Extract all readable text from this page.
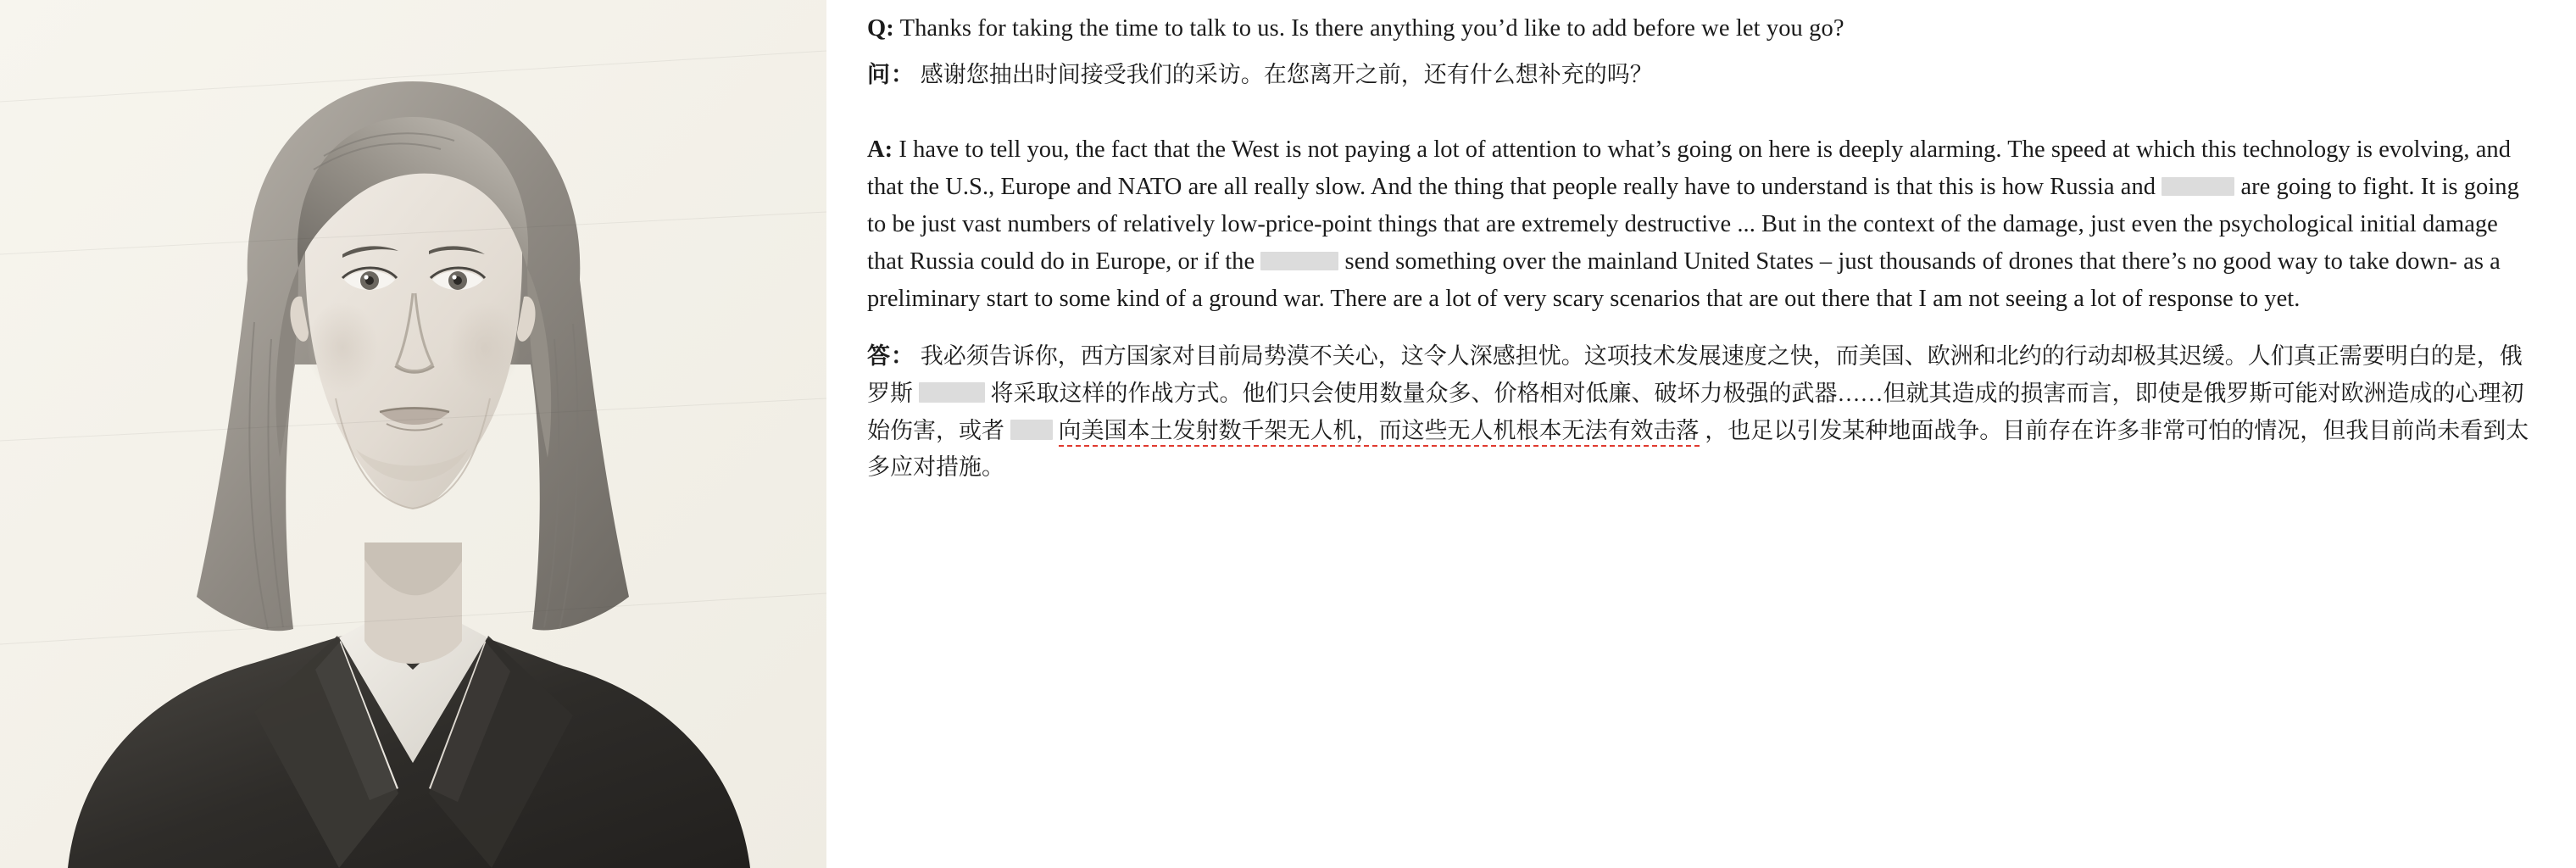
Q: Thanks for taking the time to talk to us. Is there anything you’d like to add before we let you go?

问： 感谢您抽出时间接受我们的采访。在您离开之前，还有什么想补充的吗？

A: I have to tell you, the fact that the West is not paying a lot of attention to what’s going on here is deeply alarming. The speed at which this technology is evolving, and that the U.S., Europe and NATO are all really slow. And the thing that people really have to understand is that this is how Russia and	are going to fight. It is going to be just vast numbers of relatively low-price-point things that are extremely destructive ... But in the context of the damage, just even the psychological initial damage that Russia could do in Europe, or if the	send something over the mainland United States – just thousands of drones that there’s no good way to take down- as a preliminary start to some kind of a ground war. There are a lot of very scary scenarios that are out there that I am not seeing a lot of response to yet.

答： 我必须告诉你，西方国家对目前局势漠不关心，这令人深感担忧。这项技术发展速度之快，而美国、欧洲和北约的行动却极其迟缓。人们真正需要明白的是，俄罗斯	将采取这样的作战方式。他们只会使用数量众多、价格相对低廉、破坏力极强的武器……但就其造成的损害而言，即使是俄罗斯可能对欧洲造成的心理初始伤害，或者 向美国本土发射数千架无人机，而这些无人机根本无法有效击落 ，也足以引发某种地面战争。目前存在许多非常可怕的情况，但我目前尚未看到太多应对措施。
